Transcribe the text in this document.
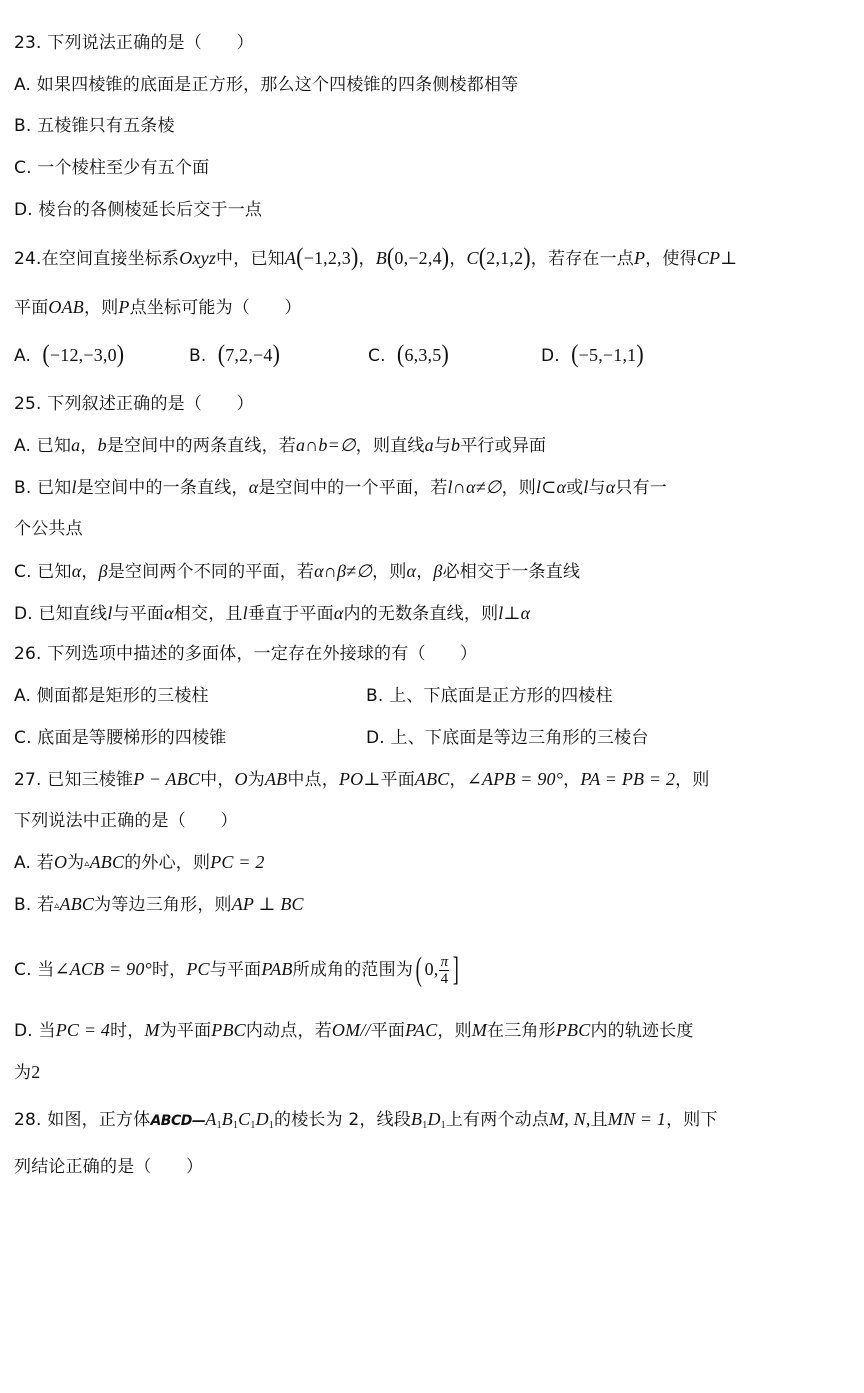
23. 下列说法正确的是（　　）
A. 如果四棱锥的底面是正方形，那么这个四棱锥的四条侧棱都相等
B. 五棱锥只有五条棱
C. 一个棱柱至少有五个面
D. 棱台的各侧棱延长后交于一点
24.在空间直接坐标系Oxyz中，已知A(−1,2,3)，B(0,−2,4)，C(2,1,2)，若存在一点P，使得CP⊥
平面OAB，则P点坐标可能为（　　）
A. (−12,−3,0)	B. (7,2,−4)	C. (6,3,5)	D. (−5,−1,1)
25. 下列叙述正确的是（　　）
A. 已知a，b是空间中的两条直线，若a∩b=∅，则直线a与b平行或异面
B. 已知l是空间中的一条直线，α是空间中的一个平面，若l∩α≠∅，则l⊂α或l与α只有一
个公共点
C. 已知α，β是空间两个不同的平面，若α∩β≠∅，则α，β必相交于一条直线
D. 已知直线l与平面α相交，且l垂直于平面α内的无数条直线，则l⊥α
26. 下列选项中描述的多面体，一定存在外接球的有（　　）
A. 侧面都是矩形的三棱柱	B. 上、下底面是正方形的四棱柱
C. 底面是等腰梯形的四棱锥	D. 上、下底面是等边三角形的三棱台
27. 已知三棱锥P − ABC中，O为AB中点，PO⊥平面ABC，∠APB = 90°，PA = PB = 2，则
下列说法中正确的是（　　）
A. 若O为▵ABC的外心，则PC = 2
B. 若▵ABC为等边三角形，则AP ⊥ BC
C. 当∠ACB = 90°时，PC与平面PAB所成角的范围为( 0, $\frac{\pi}{4}$ ]
D. 当PC = 4时，M为平面PBC内动点，若OM//平面PAC，则M在三角形PBC内的轨迹长度
为2
28. 如图，正方体$ABCD—A_1B_1C_1D_1$的棱长为 2，线段$B_1D_1$上有两个动点M, N,且MN = 1，则下
列结论正确的是（　　）
